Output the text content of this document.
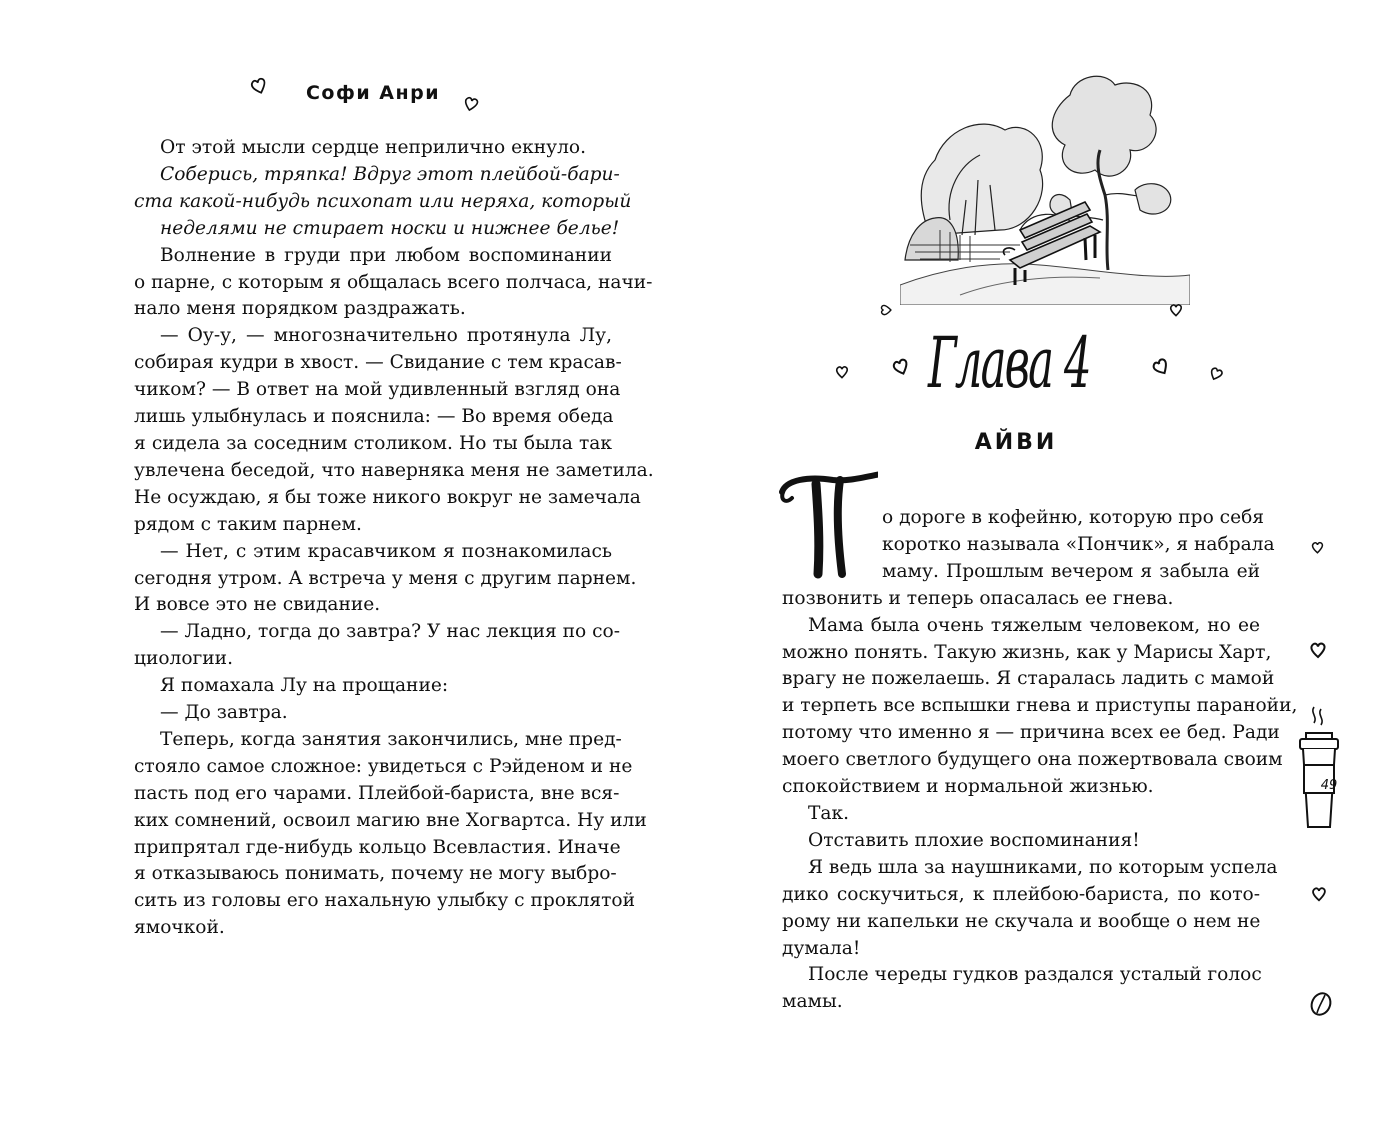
Софи Анри
От этой мысли сердце неприлично екнуло.
Соберись, тряпка! Вдруг этот плейбой-бари-
ста какой-нибудь психопат или неряха, который
неделями не стирает носки и нижнее белье!
Волнение в груди при любом воспоминании
о парне, с которым я общалась всего полчаса, начи-
нало меня порядком раздражать.
— Оу-у, — многозначительно протянула Лу,
собирая кудри в хвост. — Свидание с тем красав-
чиком? — В ответ на мой удивленный взгляд она
лишь улыбнулась и пояснила: — Во время обеда
я сидела за соседним столиком. Но ты была так
увлечена беседой, что наверняка меня не заметила.
Не осуждаю, я бы тоже никого вокруг не замечала
рядом с таким парнем.
— Нет, с этим красавчиком я познакомилась
сегодня утром. А встреча у меня с другим парнем.
И вовсе это не свидание.
— Ладно, тогда до завтра? У нас лекция по со-
циологии.
Я помахала Лу на прощание:
— До завтра.
Теперь, когда занятия закончились, мне пред-
стояло самое сложное: увидеться с Рэйденом и не
пасть под его чарами. Плейбой-бариста, вне вся-
ких сомнений, освоил магию вне Хогвартса. Ну или
припрятал где-нибудь кольцо Всевластия. Иначе
я отказываюсь понимать, почему не могу выбро-
сить из головы его нахальную улыбку с проклятой
ямочкой.
Глава 4
АЙВИ
о дороге в кофейню, которую про себя
коротко называла «Пончик», я набрала
маму. Прошлым вечером я забыла ей
позвонить и теперь опасалась ее гнева.
Мама была очень тяжелым человеком, но ее
можно понять. Такую жизнь, как у Марисы Харт,
врагу не пожелаешь. Я старалась ладить с мамой
и терпеть все вспышки гнева и приступы паранойи,
потому что именно я — причина всех ее бед. Ради
моего светлого будущего она пожертвовала своим
спокойствием и нормальной жизнью.
Так.
Отставить плохие воспоминания!
Я ведь шла за наушниками, по которым успела
дико соскучиться, к плейбою-бариста, по кото-
рому ни капельки не скучала и вообще о нем не
думала!
После череды гудков раздался усталый голос
мамы.
49
